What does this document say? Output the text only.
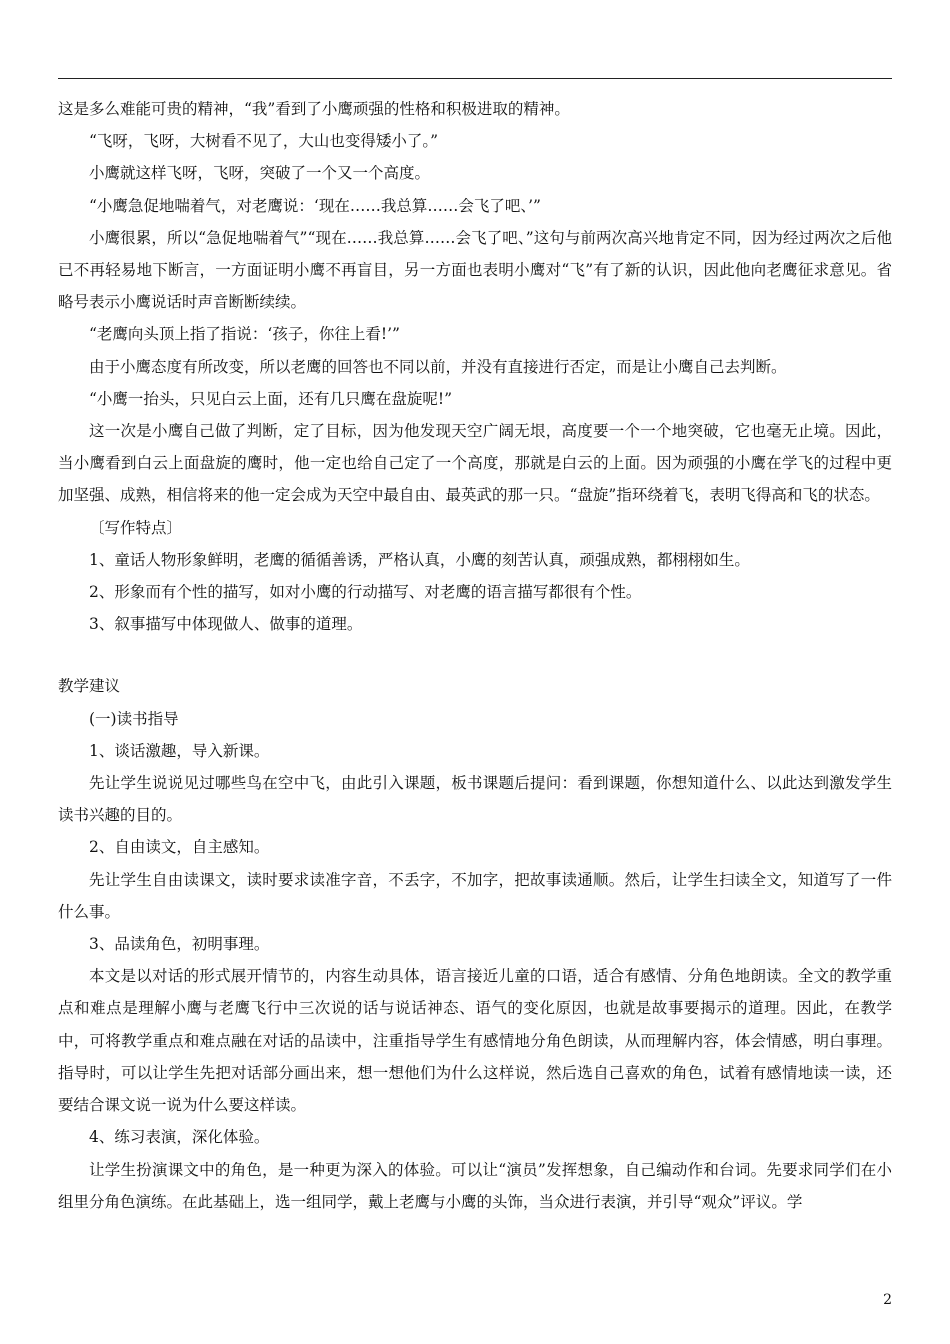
这是多么难能可贵的精神，“我”看到了小鹰顽强的性格和积极进取的精神。

“飞呀，飞呀，大树看不见了，大山也变得矮小了。”

小鹰就这样飞呀，飞呀，突破了一个又一个高度。

“小鹰急促地喘着气，对老鹰说：‘现在……我总算……会飞了吧、’”

小鹰很累，所以“急促地喘着气”“现在……我总算……会飞了吧、”这句与前两次高兴地肯定不同，因为经过两次之后他已不再轻易地下断言，一方面证明小鹰不再盲目，另一方面也表明小鹰对“飞”有了新的认识，因此他向老鹰征求意见。省略号表示小鹰说话时声音断断续续。

“老鹰向头顶上指了指说：‘孩子，你往上看!’”

由于小鹰态度有所改变，所以老鹰的回答也不同以前，并没有直接进行否定，而是让小鹰自己去判断。

“小鹰一抬头，只见白云上面，还有几只鹰在盘旋呢!”

这一次是小鹰自己做了判断，定了目标，因为他发现天空广阔无垠，高度要一个一个地突破，它也毫无止境。因此，当小鹰看到白云上面盘旋的鹰时，他一定也给自己定了一个高度，那就是白云的上面。因为顽强的小鹰在学飞的过程中更加坚强、成熟，相信将来的他一定会成为天空中最自由、最英武的那一只。“盘旋”指环绕着飞，表明飞得高和飞的状态。

〔写作特点〕

1、童话人物形象鲜明，老鹰的循循善诱，严格认真，小鹰的刻苦认真，顽强成熟，都栩栩如生。

2、形象而有个性的描写，如对小鹰的行动描写、对老鹰的语言描写都很有个性。

3、叙事描写中体现做人、做事的道理。

教学建议

(一)读书指导

1、谈话激趣，导入新课。

先让学生说说见过哪些鸟在空中飞，由此引入课题，板书课题后提问：看到课题，你想知道什么、以此达到激发学生读书兴趣的目的。

2、自由读文，自主感知。

先让学生自由读课文，读时要求读准字音，不丢字，不加字，把故事读通顺。然后，让学生扫读全文，知道写了一件什么事。

3、品读角色，初明事理。

本文是以对话的形式展开情节的，内容生动具体，语言接近儿童的口语，适合有感情、分角色地朗读。全文的教学重点和难点是理解小鹰与老鹰飞行中三次说的话与说话神态、语气的变化原因，也就是故事要揭示的道理。因此，在教学中，可将教学重点和难点融在对话的品读中，注重指导学生有感情地分角色朗读，从而理解内容，体会情感，明白事理。指导时，可以让学生先把对话部分画出来，想一想他们为什么这样说，然后选自己喜欢的角色，试着有感情地读一读，还要结合课文说一说为什么要这样读。

4、练习表演，深化体验。

让学生扮演课文中的角色，是一种更为深入的体验。可以让“演员”发挥想象，自己编动作和台词。先要求同学们在小组里分角色演练。在此基础上，选一组同学，戴上老鹰与小鹰的头饰，当众进行表演，并引导“观众”评议。学

2
